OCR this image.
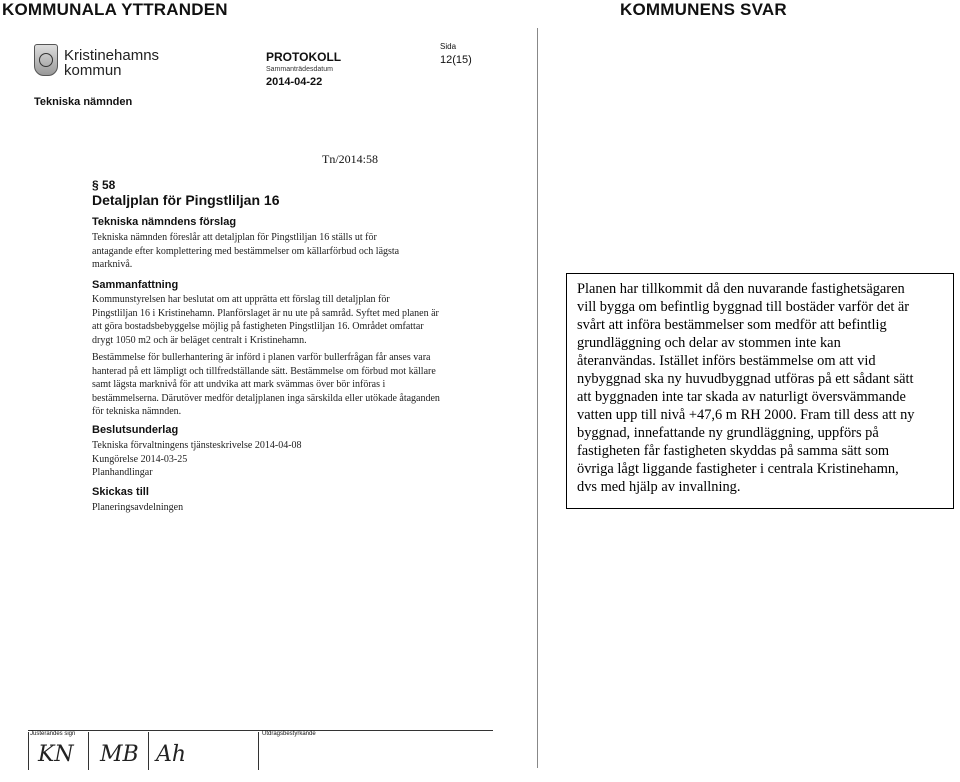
KOMMUNALA YTTRANDEN	KOMMUNENS SVAR
Kristinehamns
kommun
PROTOKOLL
Sammanträdesdatum
2014-04-22
Sida
12(15)
Tekniska nämnden
Tn/2014:58
§ 58
Detaljplan för Pingstliljan 16
Tekniska nämndens förslag
Tekniska nämnden föreslår att detaljplan för Pingstliljan 16 ställs ut för
antagande efter komplettering med bestämmelser om källarförbud och lägsta
marknivå.
Sammanfattning
Kommunstyrelsen har beslutat om att upprätta ett förslag till detaljplan för
Pingstliljan 16 i Kristinehamn. Planförslaget är nu ute på samråd. Syftet med planen är
att göra bostadsbebyggelse möjlig på fastigheten Pingstliljan 16. Området omfattar
drygt 1050 m2 och är beläget centralt i Kristinehamn.
Bestämmelse för bullerhantering är införd i planen varför bullerfrågan får anses vara
hanterad på ett lämpligt och tillfredställande sätt. Bestämmelse om förbud mot källare
samt lägsta marknivå för att undvika att mark svämmas över bör införas i
bestämmelserna. Därutöver medför detaljplanen inga särskilda eller utökade åtaganden
för tekniska nämnden.
Beslutsunderlag
Tekniska förvaltningens tjänsteskrivelse 2014-04-08
Kungörelse 2014-03-25
Planhandlingar
Skickas till
Planeringsavdelningen
Justerandes sign	Utdragsbestyrkande
KN MB Ah
Planen har tillkommit då den nuvarande fastighetsägaren
vill bygga om befintlig byggnad till bostäder varför det är
svårt att införa bestämmelser som medför att befintlig
grundläggning och delar av stommen inte kan
återanvändas. Istället införs bestämmelse om att vid
nybyggnad ska ny huvudbyggnad utföras på ett sådant sätt
att byggnaden inte tar skada av naturligt översvämmande
vatten upp till nivå +47,6 m RH 2000. Fram till dess att ny
byggnad, innefattande ny grundläggning, uppförs på
fastigheten får fastigheten skyddas på samma sätt som
övriga lågt liggande fastigheter i centrala Kristinehamn,
dvs med hjälp av invallning.
